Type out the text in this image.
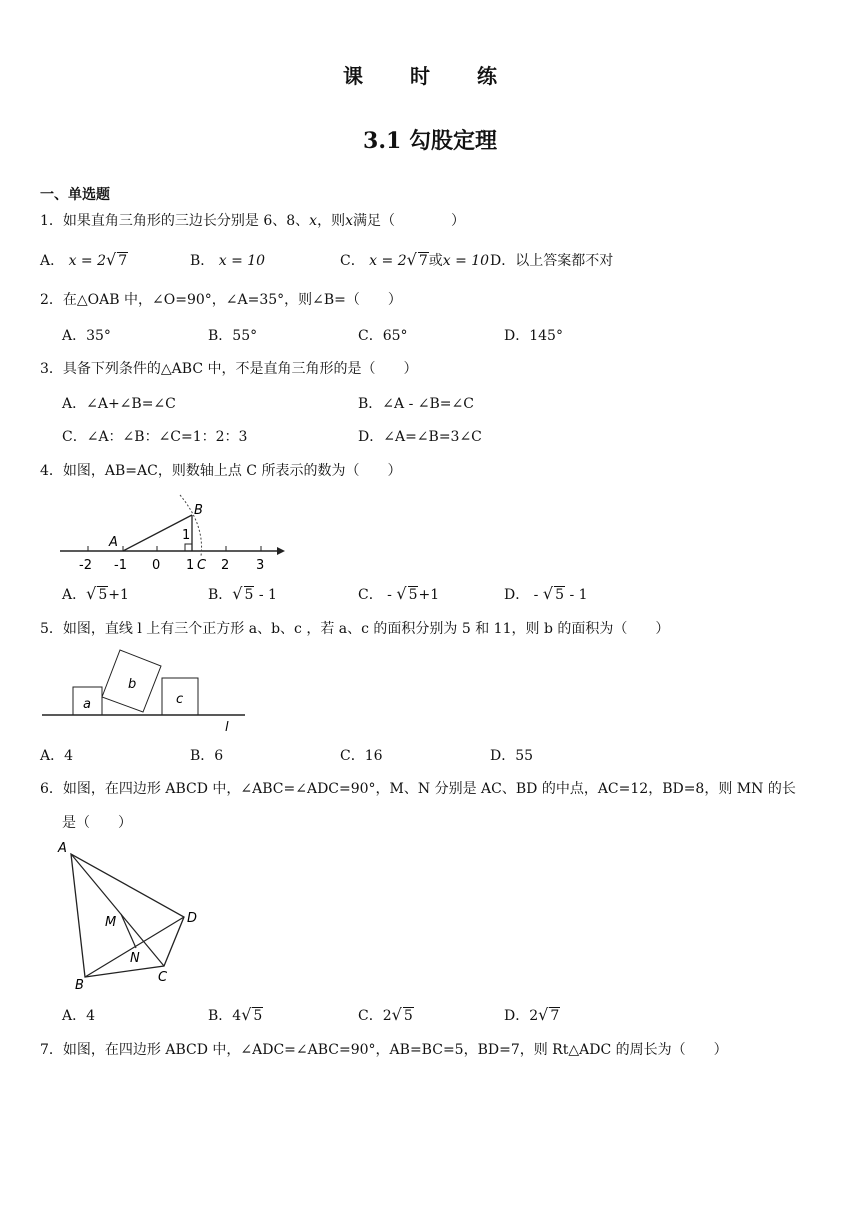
课 时 练
3.1 勾股定理
一、单选题
1．如果直角三角形的三边长分别是 6、8、x，则x满足（　　　　）
A． x = 2√ 7	B． x = 10	C． x = 2√ 7或x = 10 D．以上答案都不对
2．在△OAB 中，∠O=90°，∠A=35°，则∠B=（　　）
A．35°	B．55°	C．65°	D．145°
3．具备下列条件的△ABC 中，不是直角三角形的是（　　）
A．∠A+∠B=∠C	B．∠A - ∠B=∠C
C．∠A：∠B：∠C=1：2：3	D．∠A=∠B=3∠C
4．如图，AB=AC，则数轴上点 C 所表示的数为（　　）
-2 -1 0 1 2 3
A
B
C
1
A．√ 5+1	B．√ 5 - 1	C． - √ 5+1	D． - √ 5 - 1
5．如图，直线 l 上有三个正方形 a、b、c ，若 a、c 的面积分别为 5 和 11，则 b 的面积为（　　）
a
b
c
l
A．4	B．6	C．16	D．55
6．如图，在四边形 ABCD 中，∠ABC=∠ADC=90°，M、N 分别是 AC、BD 的中点，AC=12，BD=8，则 MN 的长
是（　　）
A
B
C
D
M
N
A．4	B．4√ 5	C．2√ 5	D．2√ 7
7．如图，在四边形 ABCD 中，∠ADC=∠ABC=90°，AB=BC=5，BD=7，则 Rt△ADC 的周长为（　　）
